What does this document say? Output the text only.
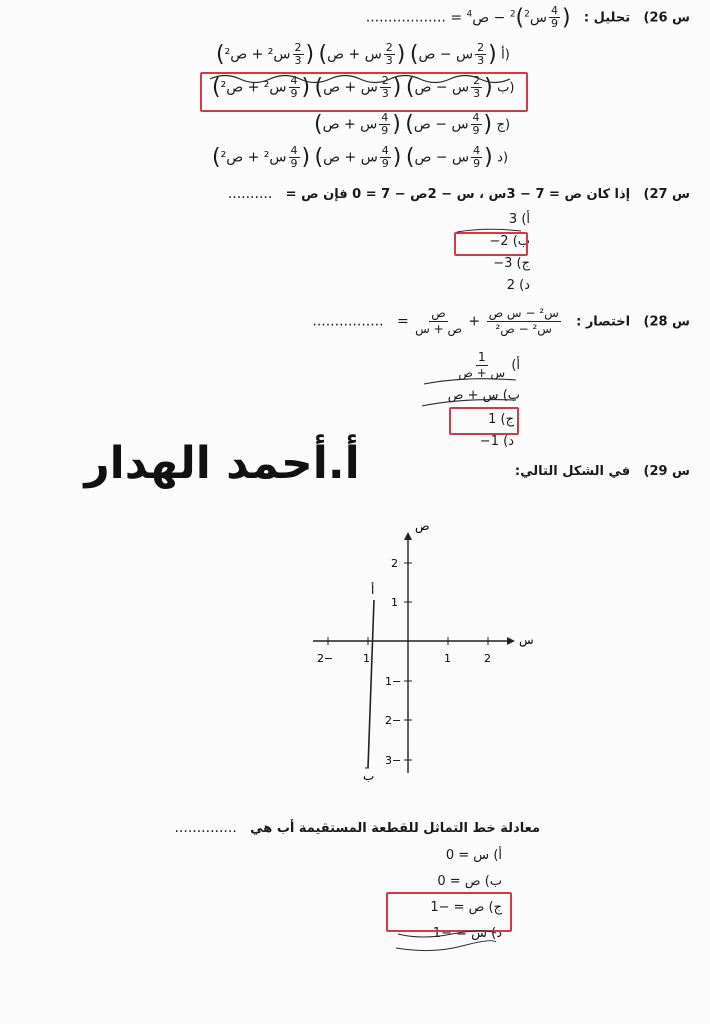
س 26)   تحليل :   (
$\frac{4}{9}$
س$^2$)$^2$ − ص$^4$ = ..................
(س² + ص² $\frac{2}{3}$ ) (س + ص $\frac{2}{3}$ ) (س − ص $\frac{2}{3}$ ) أ)
(س² + ص² $\frac{4}{9}$ ) (س + ص $\frac{2}{3}$ ) (س − ص $\frac{2}{3}$ ) ب)
(س + ص $\frac{4}{9}$ ) (س − ص $\frac{4}{9}$ ) ج)
(س² + ص² $\frac{4}{9}$ ) (س + ص $\frac{4}{9}$ ) (س − ص $\frac{4}{9}$ ) د)
س 27)   إذا كان ص = 7 − 3س ، س − 2ص − 7 = 0 فإن ص =   ..........
أ) 3
ب) 2−
ج) 3−
د) 2
س 28)   اختصار :
$\frac{\text{س² − س ص}}{\text{س² − ص²}}$
+
$\frac{\text{ص}}{\text{ص + س}}$
=   ................
أ)
$\frac{1}{\text{س + ص}}$
ب) س + ص
ج) 1
د) 1−
أ.أحمد الهدار	س 29)   في الشكل التالي:
ص
س
أ
ب
2−	1	1	2
2
1
1−
2−
3−
معادلة خط التماثل للقطعة المستقيمة أب هي   ..............
أ) س = 0
ب) ص = 0
ج) ص = −1
د) س = −1
